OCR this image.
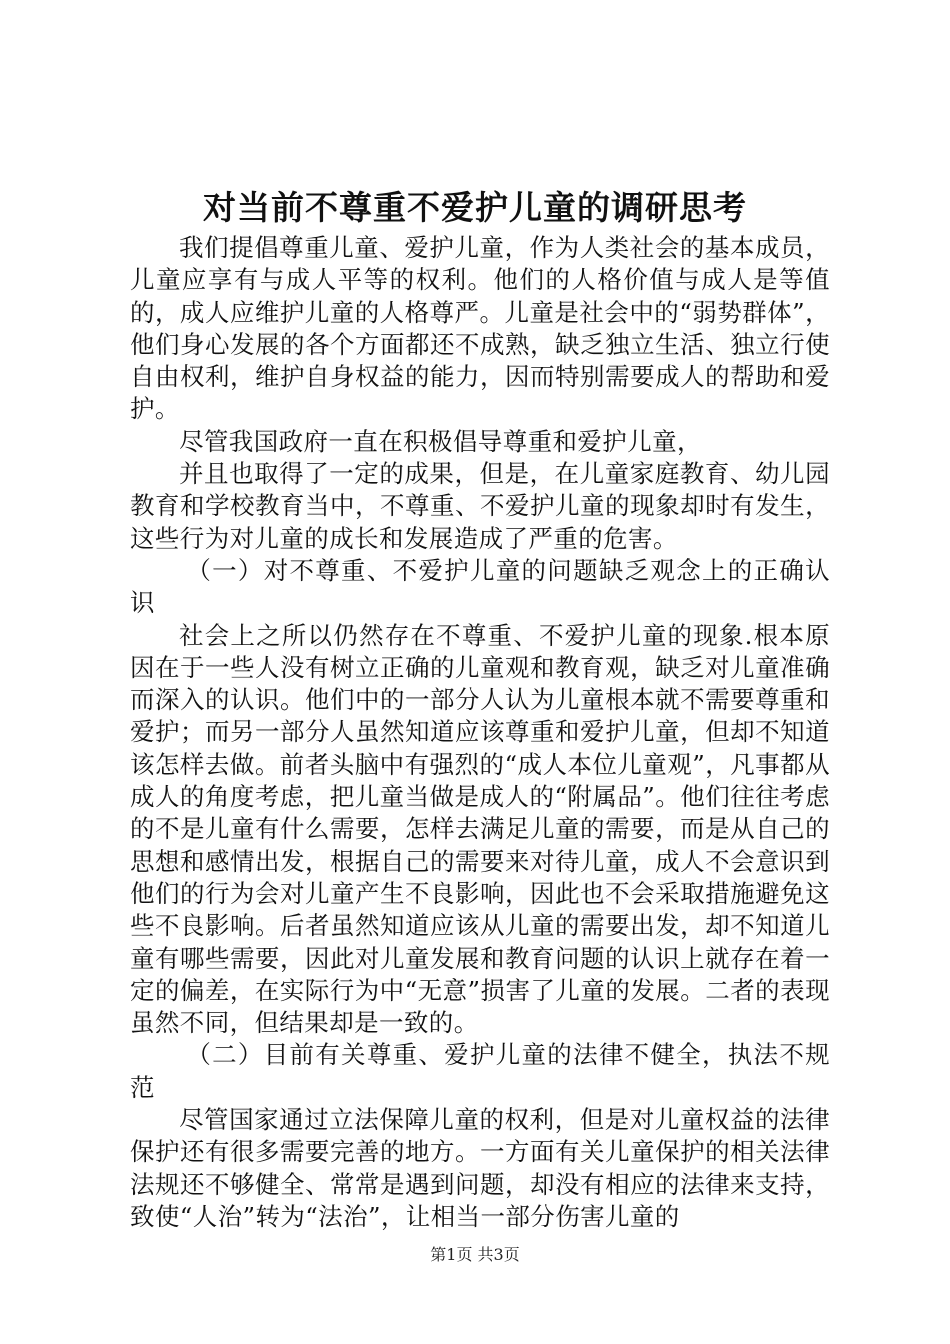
对当前不尊重不爱护儿童的调研思考

我们提倡尊重儿童、爱护儿童，作为人类社会的基本成员，儿童应享有与成人平等的权利。他们的人格价值与成人是等值的，成人应维护儿童的人格尊严。儿童是社会中的“弱势群体”，他们身心发展的各个方面都还不成熟，缺乏独立生活、独立行使自由权利，维护自身权益的能力，因而特别需要成人的帮助和爱护。

尽管我国政府一直在积极倡导尊重和爱护儿童，

并且也取得了一定的成果，但是，在儿童家庭教育、幼儿园教育和学校教育当中，不尊重、不爱护儿童的现象却时有发生，这些行为对儿童的成长和发展造成了严重的危害。

（一）对不尊重、不爱护儿童的问题缺乏观念上的正确认识

社会上之所以仍然存在不尊重、不爱护儿童的现象.根本原因在于一些人没有树立正确的儿童观和教育观，缺乏对儿童准确而深入的认识。他们中的一部分人认为儿童根本就不需要尊重和爱护；而另一部分人虽然知道应该尊重和爱护儿童，但却不知道该怎样去做。前者头脑中有强烈的“成人本位儿童观”，凡事都从成人的角度考虑，把儿童当做是成人的“附属品”。他们往往考虑的不是儿童有什么需要，怎样去满足儿童的需要，而是从自己的思想和感情出发，根据自己的需要来对待儿童，成人不会意识到他们的行为会对儿童产生不良影响，因此也不会采取措施避免这些不良影响。后者虽然知道应该从儿童的需要出发，却不知道儿童有哪些需要，因此对儿童发展和教育问题的认识上就存在着一定的偏差，在实际行为中“无意”损害了儿童的发展。二者的表现虽然不同，但结果却是一致的。

（二）目前有关尊重、爱护儿童的法律不健全，执法不规范

尽管国家通过立法保障儿童的权利，但是对儿童权益的法律保护还有很多需要完善的地方。一方面有关儿童保护的相关法律法规还不够健全、常常是遇到问题，却没有相应的法律来支持，致使“人治”转为“法治”，让相当一部分伤害儿童的

第1页 共3页
